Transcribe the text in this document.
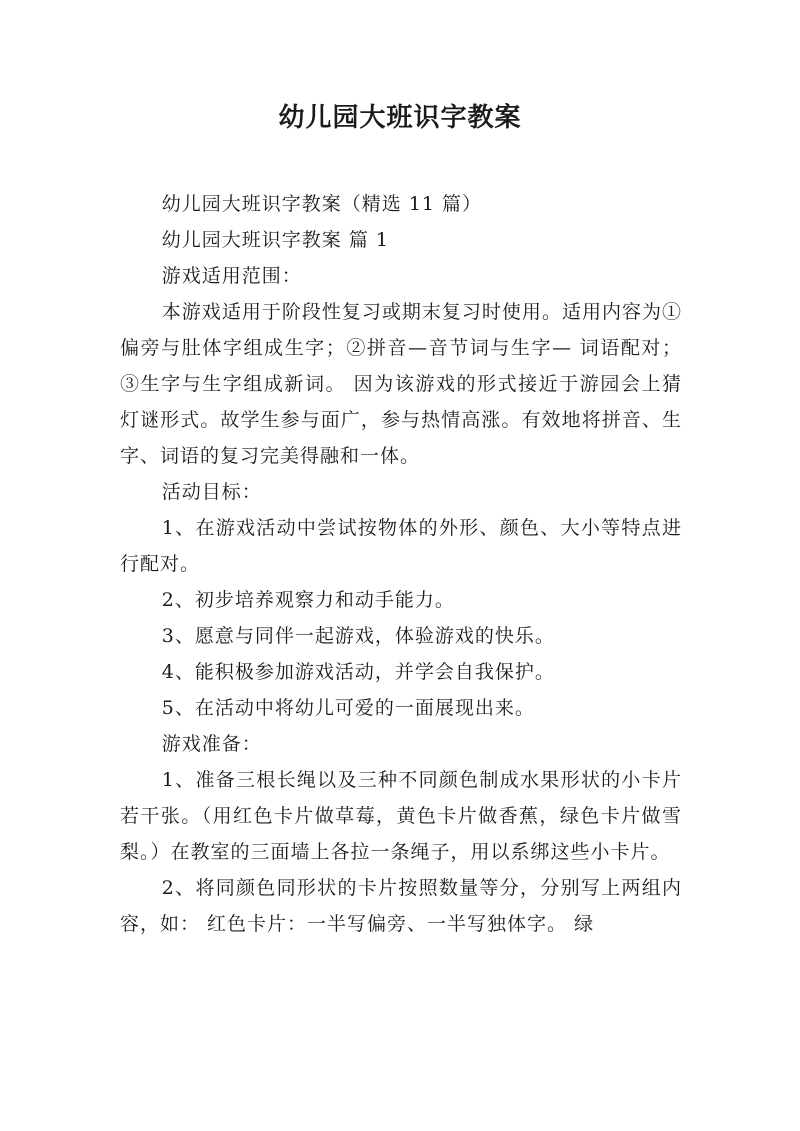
幼儿园大班识字教案

幼儿园大班识字教案（精选 11 篇）

幼儿园大班识字教案 篇 1

游戏适用范围：

本游戏适用于阶段性复习或期末复习时使用。适用内容为①偏旁与肚体字组成生字；②拼音—音节词与生字— 词语配对；③生字与生字组成新词。 因为该游戏的形式接近于游园会上猜灯谜形式。故学生参与面广，参与热情高涨。有效地将拼音、生字、词语的复习完美得融和一体。

活动目标：

1、在游戏活动中尝试按物体的外形、颜色、大小等特点进行配对。

2、初步培养观察力和动手能力。

3、愿意与同伴一起游戏，体验游戏的快乐。

4、能积极参加游戏活动，并学会自我保护。

5、在活动中将幼儿可爱的一面展现出来。

游戏准备：

1、准备三根长绳以及三种不同颜色制成水果形状的小卡片若干张。（用红色卡片做草莓，黄色卡片做香蕉，绿色卡片做雪梨。）在教室的三面墙上各拉一条绳子，用以系绑这些小卡片。

2、将同颜色同形状的卡片按照数量等分，分别写上两组内容，如： 红色卡片：一半写偏旁、一半写独体字。 绿
